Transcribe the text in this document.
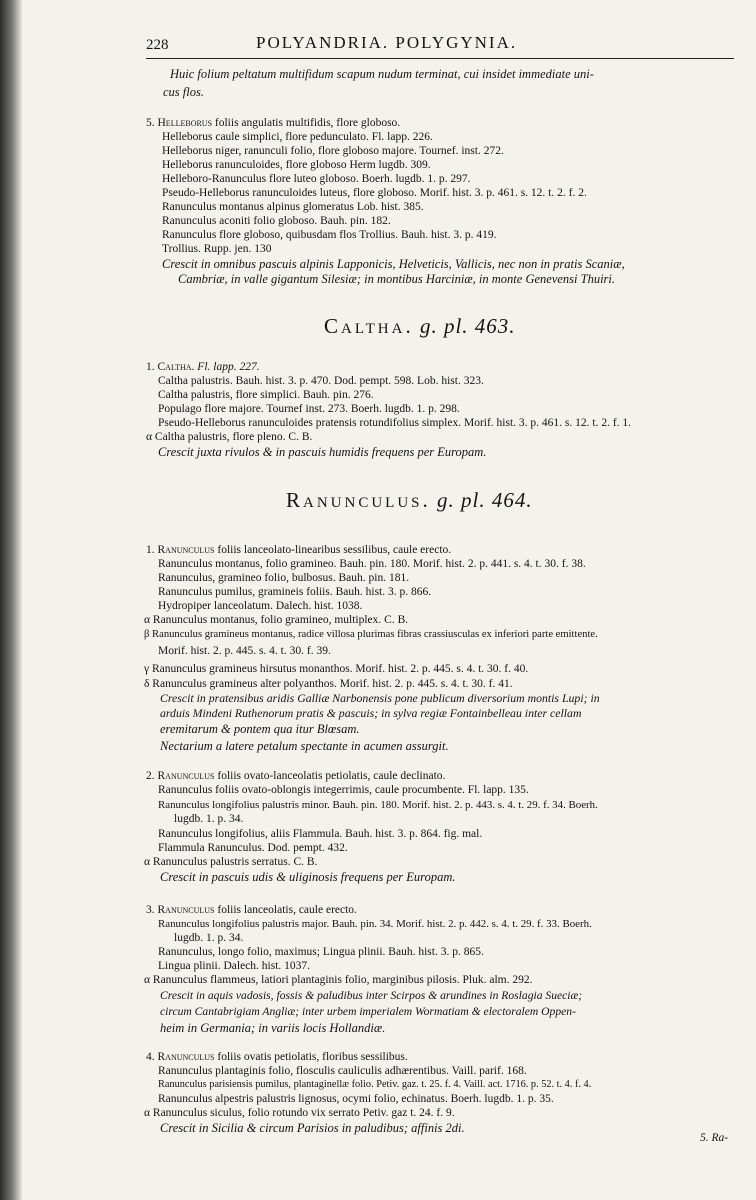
228	POLYANDRIA. POLYGYNIA.
Huic folium peltatum multifidum scapum nudum terminat, cui insidet immediate uni-
cus flos.
5. Helleborus foliis angulatis multifidis, flore globoso.
Helleborus caule simplici, flore pedunculato. Fl. lapp. 226.
Helleborus niger, ranunculi folio, flore globoso majore. Tournef. inst. 272.
Helleborus ranunculoides, flore globoso Herm lugdb. 309.
Helleboro-Ranunculus flore luteo globoso. Boerh. lugdb. 1. p. 297.
Pseudo-Helleborus ranunculoides luteus, flore globoso. Morif. hist. 3. p. 461. s. 12. t. 2. f. 2.
Ranunculus montanus alpinus glomeratus Lob. hist. 385.
Ranunculus aconiti folio globoso. Bauh. pin. 182.
Ranunculus flore globoso, quibusdam flos Trollius. Bauh. hist. 3. p. 419.
Trollius. Rupp. jen. 130
Crescit in omnibus pascuis alpinis Lapponicis, Helveticis, Vallicis, nec non in pratis Scaniæ,
Cambriæ, in valle gigantum Silesiæ; in montibus Harciniæ, in monte Genevensi Thuiri.
Caltha. g. pl. 463.
1. Caltha. Fl. lapp. 227.
Caltha palustris. Bauh. hist. 3. p. 470. Dod. pempt. 598. Lob. hist. 323.
Caltha palustris, flore simplici. Bauh. pin. 276.
Populago flore majore. Tournef inst. 273. Boerh. lugdb. 1. p. 298.
Pseudo-Helleborus ranunculoides pratensis rotundifolius simplex. Morif. hist. 3. p. 461. s. 12. t. 2. f. 1.
α Caltha palustris, flore pleno. C. B.
Crescit juxta rivulos & in pascuis humidis frequens per Europam.
Ranunculus. g. pl. 464.
1. Ranunculus foliis lanceolato-linearibus sessilibus, caule erecto.
Ranunculus montanus, folio gramineo. Bauh. pin. 180. Morif. hist. 2. p. 441. s. 4. t. 30. f. 38.
Ranunculus, gramineo folio, bulbosus. Bauh. pin. 181.
Ranunculus pumilus, gramineis foliis. Bauh. hist. 3. p. 866.
Hydropiper lanceolatum. Dalech. hist. 1038.
α Ranunculus montanus, folio gramineo, multiplex. C. B.
β Ranunculus gramineus montanus, radice villosa plurimas fibras crassiusculas ex inferiori parte emittente.
Morif. hist. 2. p. 445. s. 4. t. 30. f. 39.
γ Ranunculus gramineus hirsutus monanthos. Morif. hist. 2. p. 445. s. 4. t. 30. f. 40.
δ Ranunculus gramineus alter polyanthos. Morif. hist. 2. p. 445. s. 4. t. 30. f. 41.
Crescit in pratensibus aridis Galliæ Narbonensis pone publicum diversorium montis Lupi; in
arduis Mindeni Ruthenorum pratis & pascuis; in sylva regiæ Fontainbelleau inter cellam
eremitarum & pontem qua itur Blœsam.
Nectarium a latere petalum spectante in acumen assurgit.
2. Ranunculus foliis ovato-lanceolatis petiolatis, caule declinato.
Ranunculus foliis ovato-oblongis integerrimis, caule procumbente. Fl. lapp. 135.
Ranunculus longifolius palustris minor. Bauh. pin. 180. Morif. hist. 2. p. 443. s. 4. t. 29. f. 34. Boerh.
lugdb. 1. p. 34.
Ranunculus longifolius, aliis Flammula. Bauh. hist. 3. p. 864. fig. mal.
Flammula Ranunculus. Dod. pempt. 432.
α Ranunculus palustris serratus. C. B.
Crescit in pascuis udis & uliginosis frequens per Europam.
3. Ranunculus foliis lanceolatis, caule erecto.
Ranunculus longifolius palustris major. Bauh. pin. 34. Morif. hist. 2. p. 442. s. 4. t. 29. f. 33. Boerh.
lugdb. 1. p. 34.
Ranunculus, longo folio, maximus; Lingua plinii. Bauh. hist. 3. p. 865.
Lingua plinii. Dalech. hist. 1037.
α Ranunculus flammeus, latiori plantaginis folio, marginibus pilosis. Pluk. alm. 292.
Crescit in aquis vadosis, fossis & paludibus inter Scirpos & arundines in Roslagia Sueciæ;
circum Cantabrigiam Angliæ; inter urbem imperialem Wormatiam & electoralem Oppen-
heim in Germania; in variis locis Hollandiæ.
4. Ranunculus foliis ovatis petiolatis, floribus sessilibus.
Ranunculus plantaginis folio, flosculis cauliculis adhærentibus. Vaill. parif. 168.
Ranunculus parisiensis pumilus, plantaginellæ folio. Petiv. gaz. t. 25. f. 4. Vaill. act. 1716. p. 52. t. 4. f. 4.
Ranunculus alpestris palustris lignosus, ocymi folio, echinatus. Boerh. lugdb. 1. p. 35.
α Ranunculus siculus, folio rotundo vix serrato Petiv. gaz t. 24. f. 9.
Crescit in Sicilia & circum Parisios in paludibus; affinis 2di.
5. Ra-
